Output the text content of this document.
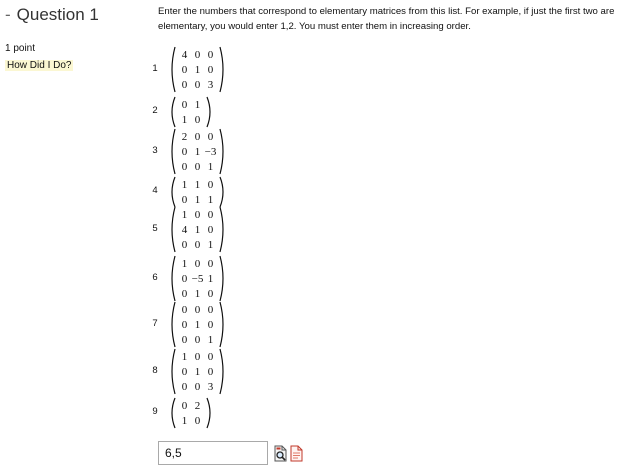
- Question 1
1 point
How Did I Do?
Enter the numbers that correspond to elementary matrices from this list. For example, if just the first two are elementary, you would enter 1,2. You must enter them in increasing order.
1
4 0 0
0 1 0
0 0 3
2	0 1
1 0
3
2 0 0
0 1 −3
0 0 1
4	1 1 0
0 1 1
5
1 0 0
4 1 0
0 0 1
6
1 0 0
0 −5 1
0 1 0
7
0 0 0
0 1 0
0 0 1
8
1 0 0
0 1 0
0 0 3
9	0 2
1 0
6,5
